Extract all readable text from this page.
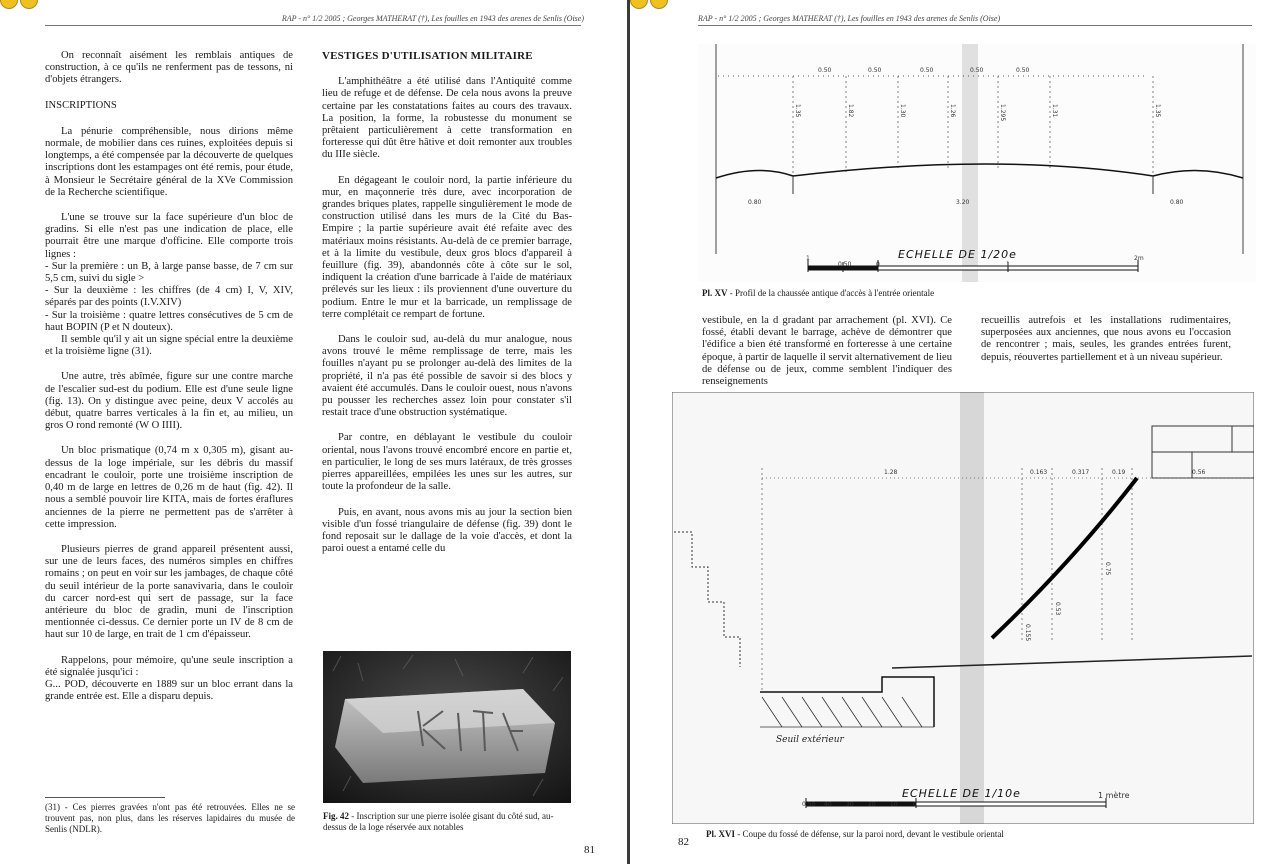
RAP - n° 1/2 2005 ; Georges MATHERAT (†), Les fouilles en 1943 des arenes de Senlis (Oise)

On reconnaît aisément les remblais antiques de construction, à ce qu'ils ne renferment pas de tessons, ni d'objets étrangers.

INSCRIPTIONS

La pénurie compréhensible, nous dirions même normale, de mobilier dans ces ruines, exploitées depuis si longtemps, a été compensée par la découverte de quelques inscriptions dont les estampages ont été remis, pour étude, à Monsieur le Secrétaire général de la XVe Commission de la Recherche scientifique.

L'une se trouve sur la face supérieure d'un bloc de gradins. Si elle n'est pas une indication de place, elle pourrait être une marque d'officine. Elle comporte trois lignes :

- Sur la première : un B, à large panse basse, de 7 cm sur 5,5 cm, suivi du sigle >

- Sur la deuxième : les chiffres (de 4 cm) I, V, XIV, séparés par des points (I.V.XIV)

- Sur la troisième : quatre lettres consécutives de 5 cm de haut BOPIN (P et N douteux).

Il semble qu'il y ait un signe spécial entre la deuxième et la troisième ligne (31).

Une autre, très abîmée, figure sur une contre marche de l'escalier sud-est du podium. Elle est d'une seule ligne (fig. 13). On y distingue avec peine, deux V accolés au début, quatre barres verticales à la fin et, au milieu, un gros O rond remonté (W O IIII).

Un bloc prismatique (0,74 m x 0,305 m), gisant au-dessus de la loge impériale, sur les débris du massif encadrant le couloir, porte une troisième inscription de 0,40 m de large en lettres de 0,26 m de haut (fig. 42). Il nous a semblé pouvoir lire KITA, mais de fortes éraflures anciennes de la pierre ne permettent pas de s'arrêter à cette impression.

Plusieurs pierres de grand appareil présentent aussi, sur une de leurs faces, des numéros simples en chiffres romains ; on peut en voir sur les jambages, de chaque côté du seuil intérieur de la porte sanavivaria, dans le couloir du carcer nord-est qui sert de passage, sur la face antérieure du bloc de gradin, muni de l'inscription mentionnée ci-dessus. Ce dernier porte un IV de 8 cm de haut sur 10 de large, en trait de 1 cm d'épaisseur.

Rappelons, pour mémoire, qu'une seule inscription a été signalée jusqu'ici :

G... POD, découverte en 1889 sur un bloc errant dans la grande entrée est. Elle a disparu depuis.

(31) - Ces pierres gravées n'ont pas été retrouvées. Elles ne se trouvent pas, non plus, dans les réserves lapidaires du musée de Senlis (NDLR).
VESTIGES D'UTILISATION MILITAIRE

L'amphithéâtre a été utilisé dans l'Antiquité comme lieu de refuge et de défense. De cela nous avons la preuve certaine par les constatations faites au cours des travaux. La position, la forme, la robustesse du monument se prêtaient particulièrement à cette transformation en forteresse qui dût être hâtive et doit remonter aux troubles du IIIe siècle.

En dégageant le couloir nord, la partie inférieure du mur, en maçonnerie très dure, avec incorporation de grandes briques plates, rappelle singulièrement le mode de construction utilisé dans les murs de la Cité du Bas-Empire ; la partie supérieure avait été refaite avec des matériaux moins résistants. Au-delà de ce premier barrage, et à la limite du vestibule, deux gros blocs d'appareil à feuillure (fig. 39), abandonnés côte à côte sur le sol, indiquent la création d'une barricade à l'aide de matériaux prélevés sur les lieux : ils proviennent d'une ouverture du podium. Entre le mur et la barricade, un remplissage de terre complétait ce rempart de fortune.

Dans le couloir sud, au-delà du mur analogue, nous avons trouvé le même remplissage de terre, mais les fouilles n'ayant pu se prolonger au-delà des limites de la propriété, il n'a pas été possible de savoir si des blocs y avaient été accumulés. Dans le couloir ouest, nous n'avons pu pousser les recherches assez loin pour constater s'il restait trace d'une obstruction systématique.

Par contre, en déblayant le vestibule du couloir oriental, nous l'avons trouvé encombré encore en partie et, en particulier, le long de ses murs latéraux, de très grosses pierres appareillées, empilées les unes sur les autres, sur toute la profondeur de la salle.

Puis, en avant, nous avons mis au jour la section bien visible d'un fossé triangulaire de défense (fig. 39) dont le fond reposait sur le dallage de la voie d'accès, et dont la paroi ouest a entamé celle du

Fig. 42 - Inscription sur une pierre isolée gisant du côté sud, au-dessus de la loge réservée aux notables
81
RAP - n° 1/2 2005 ; Georges MATHERAT (†), Les fouilles en 1943 des arenes de Senlis (Oise)
0.50	0.50	0.50	0.50	0.50
1.35	1.82	1.30	1.26	1.295	1.31	1.35
0.80	3.20	0.80
ECHELLE DE 1/20e
1
0.50	0	1
2m
Pl. XV - Profil de la chaussée antique d'accès à l'entrée orientale

vestibule, en la d gradant par arrachement (pl. XVI). Ce fossé, établi devant le barrage, achève de démontrer que l'édifice a bien été transformé en forteresse à une certaine époque, à partir de laquelle il servit alternativement de lieu de défense ou de jeux, comme semblent l'indiquer des renseignements

recueillis autrefois et les installations rudimentaires, superposées aux anciennes, que nous avons eu l'occasion de rencontrer ; mais, seules, les grandes entrées furent, depuis, réouvertes partiellement et à un niveau supérieur.

Seuil extérieur
1.28	0.163	0.317	0.19	0.56
0.75
0.53
0.155
ECHELLE DE 1/10e
0.50 40 30 20 10	0
1 mètre
Pl. XVI - Coupe du fossé de défense, sur la paroi nord, devant le vestibule oriental
82
